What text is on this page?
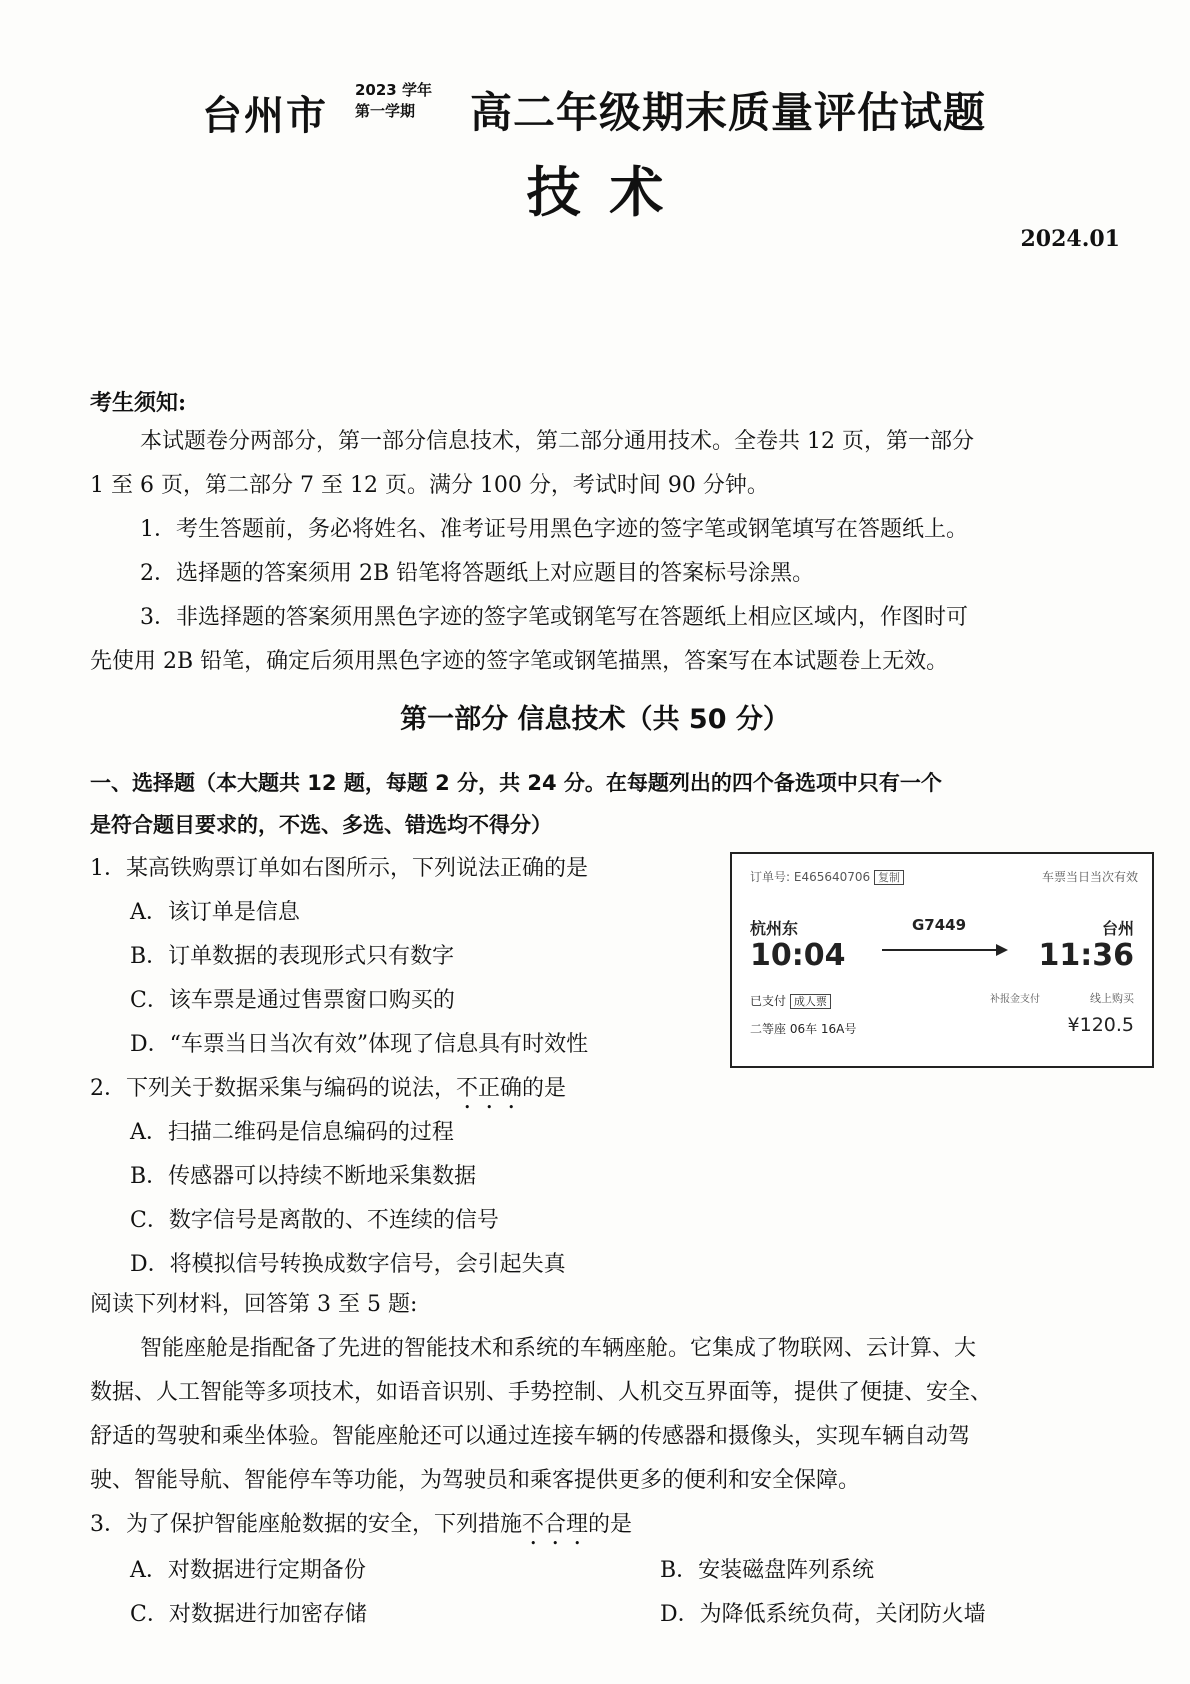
台州市
2023 学年
第一学期	高二年级期末质量评估试题
技 术
2024.01
考生须知:
本试题卷分两部分，第一部分信息技术，第二部分通用技术。全卷共 12 页，第一部分
1 至 6 页，第二部分 7 至 12 页。满分 100 分，考试时间 90 分钟。
1．考生答题前，务必将姓名、准考证号用黑色字迹的签字笔或钢笔填写在答题纸上。
2．选择题的答案须用 2B 铅笔将答题纸上对应题目的答案标号涂黑。
3．非选择题的答案须用黑色字迹的签字笔或钢笔写在答题纸上相应区域内，作图时可
先使用 2B 铅笔，确定后须用黑色字迹的签字笔或钢笔描黑，答案写在本试题卷上无效。
第一部分 信息技术（共 50 分）
一、选择题（本大题共 12 题，每题 2 分，共 24 分。在每题列出的四个备选项中只有一个
是符合题目要求的，不选、多选、错选均不得分）
1．某高铁购票订单如右图所示，下列说法正确的是
A．该订单是信息
B．订单数据的表现形式只有数字
C．该车票是通过售票窗口购买的
D．“车票当日当次有效”体现了信息具有时效性
订单号: E465640706 复制	车票当日当次有效
杭州东	G7449	台州
10:04	11:36
已支付 成人票	补报金支付	线上购买
二等座 06车 16A号	¥120.5
2．下列关于数据采集与编码的说法，不正确的是
A．扫描二维码是信息编码的过程
B．传感器可以持续不断地采集数据
C．数字信号是离散的、不连续的信号
D．将模拟信号转换成数字信号，会引起失真
阅读下列材料，回答第 3 至 5 题:
智能座舱是指配备了先进的智能技术和系统的车辆座舱。它集成了物联网、云计算、大
数据、人工智能等多项技术，如语音识别、手势控制、人机交互界面等，提供了便捷、安全、
舒适的驾驶和乘坐体验。智能座舱还可以通过连接车辆的传感器和摄像头，实现车辆自动驾
驶、智能导航、智能停车等功能，为驾驶员和乘客提供更多的便利和安全保障。
3．为了保护智能座舱数据的安全，下列措施不合理的是
A．对数据进行定期备份	B．安装磁盘阵列系统
C．对数据进行加密存储	D．为降低系统负荷，关闭防火墙
